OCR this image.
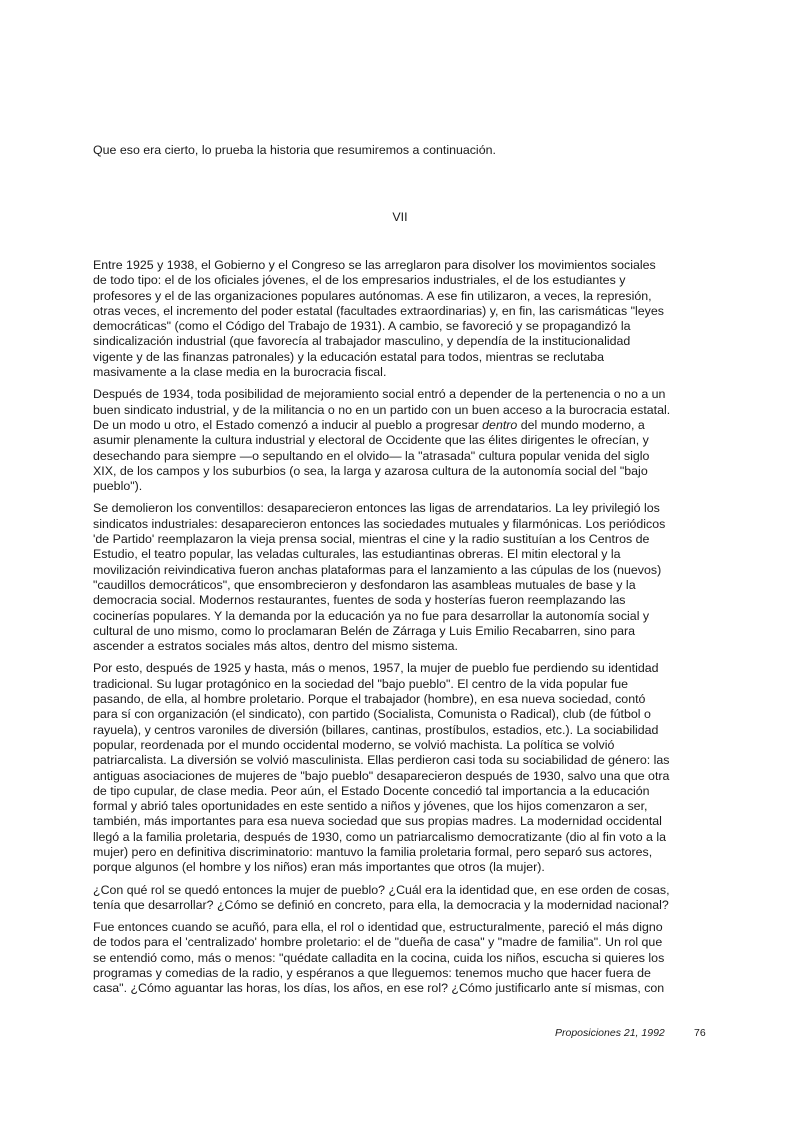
Que eso era cierto, lo prueba la historia que resumiremos a continuación.

VII

Entre 1925 y 1938, el Gobierno y el Congreso se las arreglaron para disolver los movimientos sociales
de todo tipo: el de los oficiales jóvenes, el de los empresarios industriales, el de los estudiantes y
profesores y el de las organizaciones populares autónomas. A ese fin utilizaron, a veces, la represión,
otras veces, el incremento del poder estatal (facultades extraordinarias) y, en fin, las carismáticas "leyes
democráticas" (como el Código del Trabajo de 1931). A cambio, se favoreció y se propagandizó la
sindicalización industrial (que favorecía al trabajador masculino, y dependía de la institucionalidad
vigente y de las finanzas patronales) y la educación estatal para todos, mientras se reclutaba
masivamente a la clase media en la burocracia fiscal.

Después de 1934, toda posibilidad de mejoramiento social entró a depender de la pertenencia o no a un
buen sindicato industrial, y de la militancia o no en un partido con un buen acceso a la burocracia estatal.
De un modo u otro, el Estado comenzó a inducir al pueblo a progresar dentro del mundo moderno, a
asumir plenamente la cultura industrial y electoral de Occidente que las élites dirigentes le ofrecían, y
desechando para siempre —o sepultando en el olvido— la "atrasada" cultura popular venida del siglo
XIX, de los campos y los suburbios (o sea, la larga y azarosa cultura de la autonomía social del "bajo
pueblo").

Se demolieron los conventillos: desaparecieron entonces las ligas de arrendatarios. La ley privilegió los
sindicatos industriales: desaparecieron entonces las sociedades mutuales y filarmónicas. Los periódicos
'de Partido' reemplazaron la vieja prensa social, mientras el cine y la radio sustituían a los Centros de
Estudio, el teatro popular, las veladas culturales, las estudiantinas obreras. El mitin electoral y la
movilización reivindicativa fueron anchas plataformas para el lanzamiento a las cúpulas de los (nuevos)
"caudillos democráticos", que ensombrecieron y desfondaron las asambleas mutuales de base y la
democracia social. Modernos restaurantes, fuentes de soda y hosterías fueron reemplazando las
cocinerías populares. Y la demanda por la educación ya no fue para desarrollar la autonomía social y
cultural de uno mismo, como lo proclamaran Belén de Zárraga y Luis Emilio Recabarren, sino para
ascender a estratos sociales más altos, dentro del mismo sistema.

Por esto, después de 1925 y hasta, más o menos, 1957, la mujer de pueblo fue perdiendo su identidad
tradicional. Su lugar protagónico en la sociedad del "bajo pueblo". El centro de la vida popular fue
pasando, de ella, al hombre proletario. Porque el trabajador (hombre), en esa nueva sociedad, contó
para sí con organización (el sindicato), con partido (Socialista, Comunista o Radical), club (de fútbol o
rayuela), y centros varoniles de diversión (billares, cantinas, prostíbulos, estadios, etc.). La sociabilidad
popular, reordenada por el mundo occidental moderno, se volvió machista. La política se volvió
patriarcalista. La diversión se volvió masculinista. Ellas perdieron casi toda su sociabilidad de género: las
antiguas asociaciones de mujeres de "bajo pueblo" desaparecieron después de 1930, salvo una que otra
de tipo cupular, de clase media. Peor aún, el Estado Docente concedió tal importancia a la educación
formal y abrió tales oportunidades en este sentido a niños y jóvenes, que los hijos comenzaron a ser,
también, más importantes para esa nueva sociedad que sus propias madres. La modernidad occidental
llegó a la familia proletaria, después de 1930, como un patriarcalismo democratizante (dio al fin voto a la
mujer) pero en definitiva discriminatorio: mantuvo la familia proletaria formal, pero separó sus actores,
porque algunos (el hombre y los niños) eran más importantes que otros (la mujer).

¿Con qué rol se quedó entonces la mujer de pueblo? ¿Cuál era la identidad que, en ese orden de cosas,
tenía que desarrollar? ¿Cómo se definió en concreto, para ella, la democracia y la modernidad nacional?

Fue entonces cuando se acuñó, para ella, el rol o identidad que, estructuralmente, pareció el más digno
de todos para el 'centralizado' hombre proletario: el de "dueña de casa" y "madre de familia". Un rol que
se entendió como, más o menos: "quédate calladita en la cocina, cuida los niños, escucha si quieres los
programas y comedias de la radio, y espéranos a que lleguemos: tenemos mucho que hacer fuera de
casa". ¿Cómo aguantar las horas, los días, los años, en ese rol? ¿Cómo justificarlo ante sí mismas, con

Proposiciones 21, 1992	76
